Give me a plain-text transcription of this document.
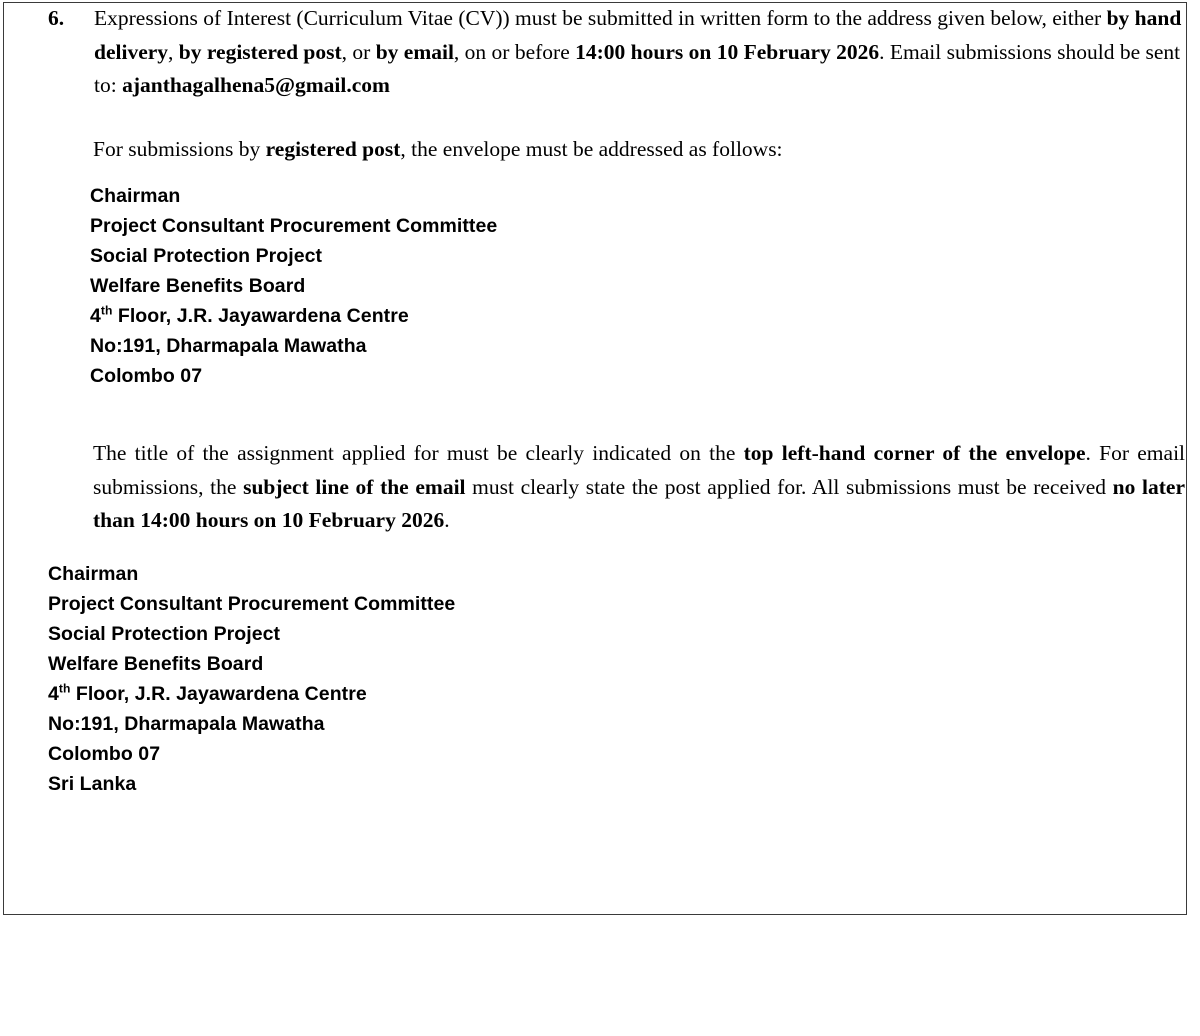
6. Expressions of Interest (Curriculum Vitae (CV)) must be submitted in written form to the address given below, either by hand delivery, by registered post, or by email, on or before 14:00 hours on 10 February 2026. Email submissions should be sent to: ajanthagalhena5@gmail.com
For submissions by registered post, the envelope must be addressed as follows:
Chairman
Project Consultant Procurement Committee
Social Protection Project
Welfare Benefits Board
4th Floor, J.R. Jayawardena Centre
No:191, Dharmapala Mawatha
Colombo 07
The title of the assignment applied for must be clearly indicated on the top left-hand corner of the envelope. For email submissions, the subject line of the email must clearly state the post applied for. All submissions must be received no later than 14:00 hours on 10 February 2026.
Chairman
Project Consultant Procurement Committee
Social Protection Project
Welfare Benefits Board
4th Floor, J.R. Jayawardena Centre
No:191, Dharmapala Mawatha
Colombo 07
Sri Lanka
